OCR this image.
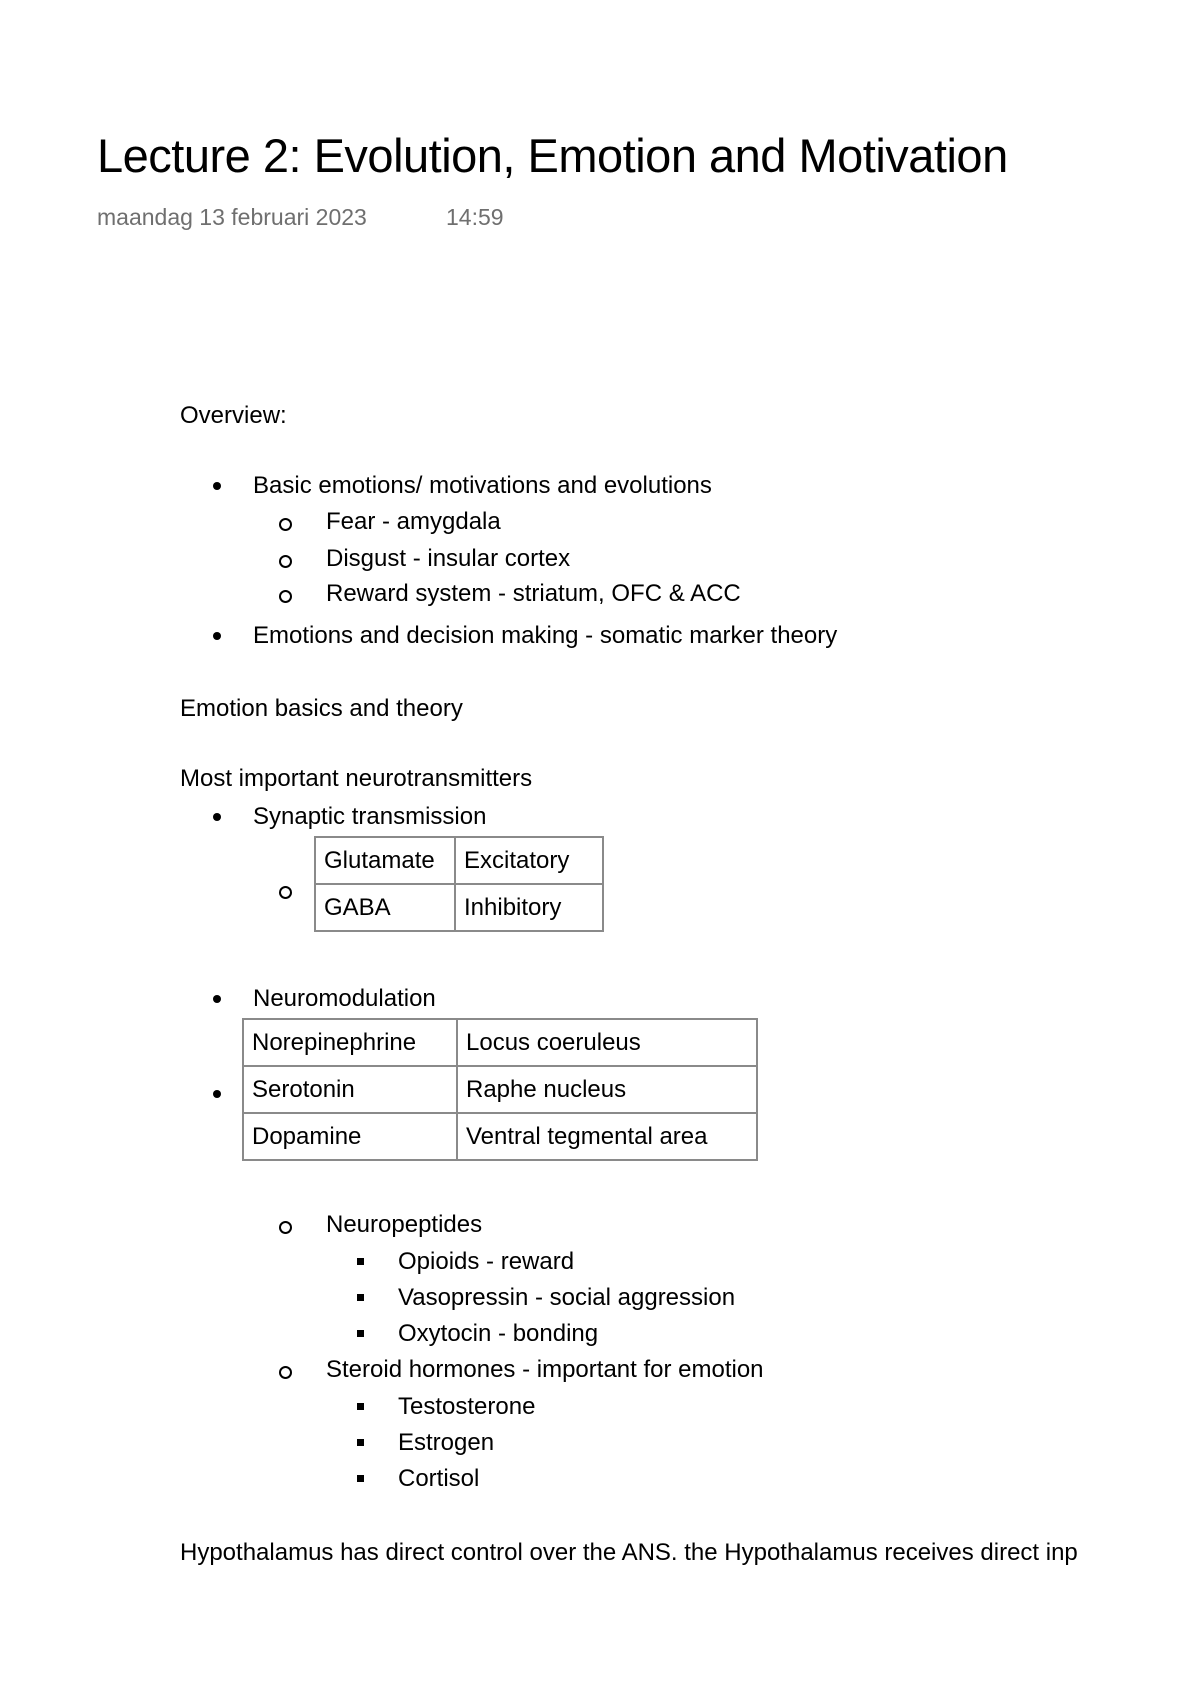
Lecture 2: Evolution, Emotion and Motivation
maandag 13 februari 2023	14:59
Overview:
Basic emotions/ motivations and evolutions
Fear - amygdala
Disgust - insular cortex
Reward system - striatum, OFC & ACC
Emotions and decision making - somatic marker theory
Emotion basics and theory
Most important neurotransmitters
Synaptic transmission
Glutamate	Excitatory
GABA	Inhibitory
Neuromodulation
Norepinephrine	Locus coeruleus
Serotonin	Raphe nucleus
Dopamine	Ventral tegmental area
Neuropeptides
Opioids - reward
Vasopressin - social aggression
Oxytocin - bonding
Steroid hormones - important for emotion
Testosterone
Estrogen
Cortisol
Hypothalamus has direct control over the ANS. the Hypothalamus receives direct inp
